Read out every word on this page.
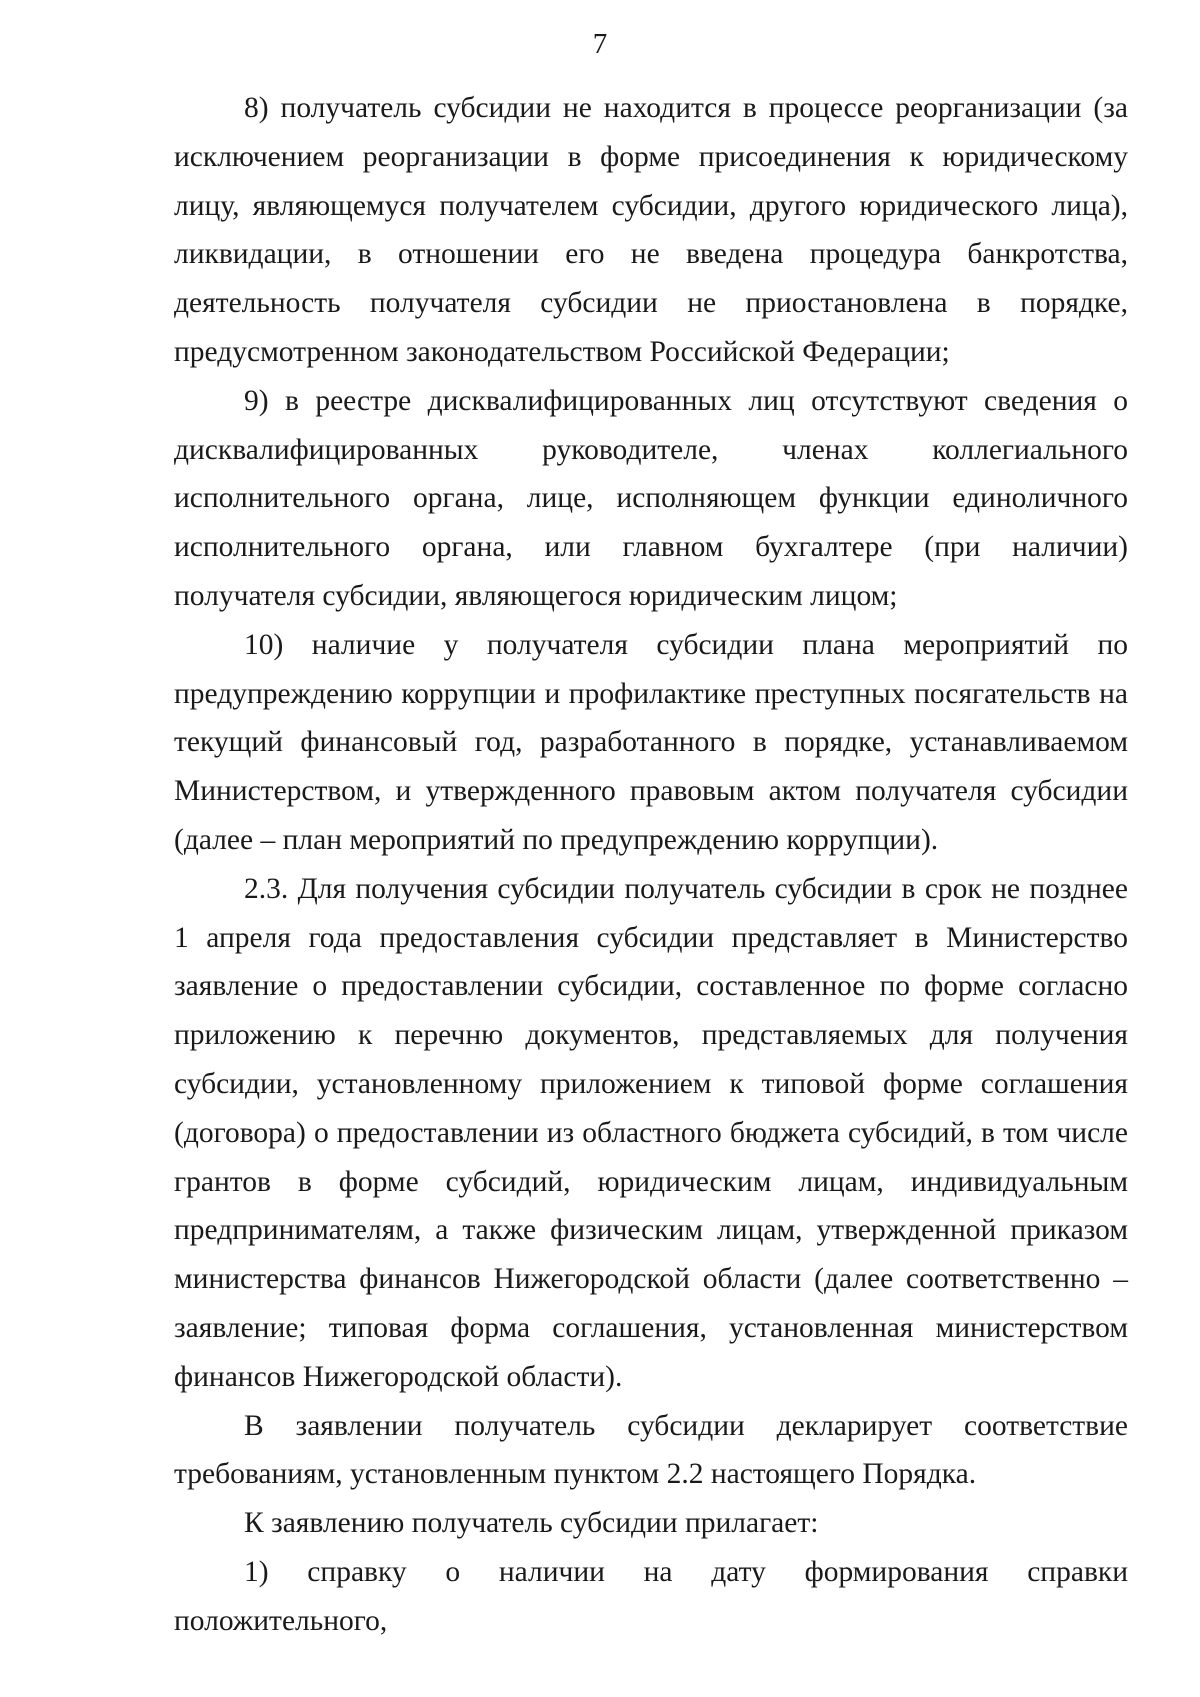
7

8) получатель субсидии не находится в процессе реорганизации (за исключением реорганизации в форме присоединения к юридическому лицу, являющемуся получателем субсидии, другого юридического лица), ликвидации, в отношении его не введена процедура банкротства, деятельность получателя субсидии не приостановлена в порядке, предусмотренном законодательством Российской Федерации;

9) в реестре дисквалифицированных лиц отсутствуют сведения о дисквалифицированных руководителе, членах коллегиального исполнительного органа, лице, исполняющем функции единоличного исполнительного органа, или главном бухгалтере (при наличии) получателя субсидии, являющегося юридическим лицом;

10) наличие у получателя субсидии плана мероприятий по предупреждению коррупции и профилактике преступных посягательств на текущий финансовый год, разработанного в порядке, устанавливаемом Министерством, и утвержденного правовым актом получателя субсидии (далее – план мероприятий по предупреждению коррупции).

2.3. Для получения субсидии получатель субсидии в срок не позднее 1 апреля года предоставления субсидии представляет в Министерство заявление о предоставлении субсидии, составленное по форме согласно приложению к перечню документов, представляемых для получения субсидии, установленному приложением к типовой форме соглашения (договора) о предоставлении из областного бюджета субсидий, в том числе грантов в форме субсидий, юридическим лицам, индивидуальным предпринимателям, а также физическим лицам, утвержденной приказом министерства финансов Нижегородской области (далее соответственно – заявление; типовая форма соглашения, установленная министерством финансов Нижегородской области).

В заявлении получатель субсидии декларирует соответствие требованиям, установленным пунктом 2.2 настоящего Порядка.

К заявлению получатель субсидии прилагает:

1) справку о наличии на дату формирования справки положительного,
